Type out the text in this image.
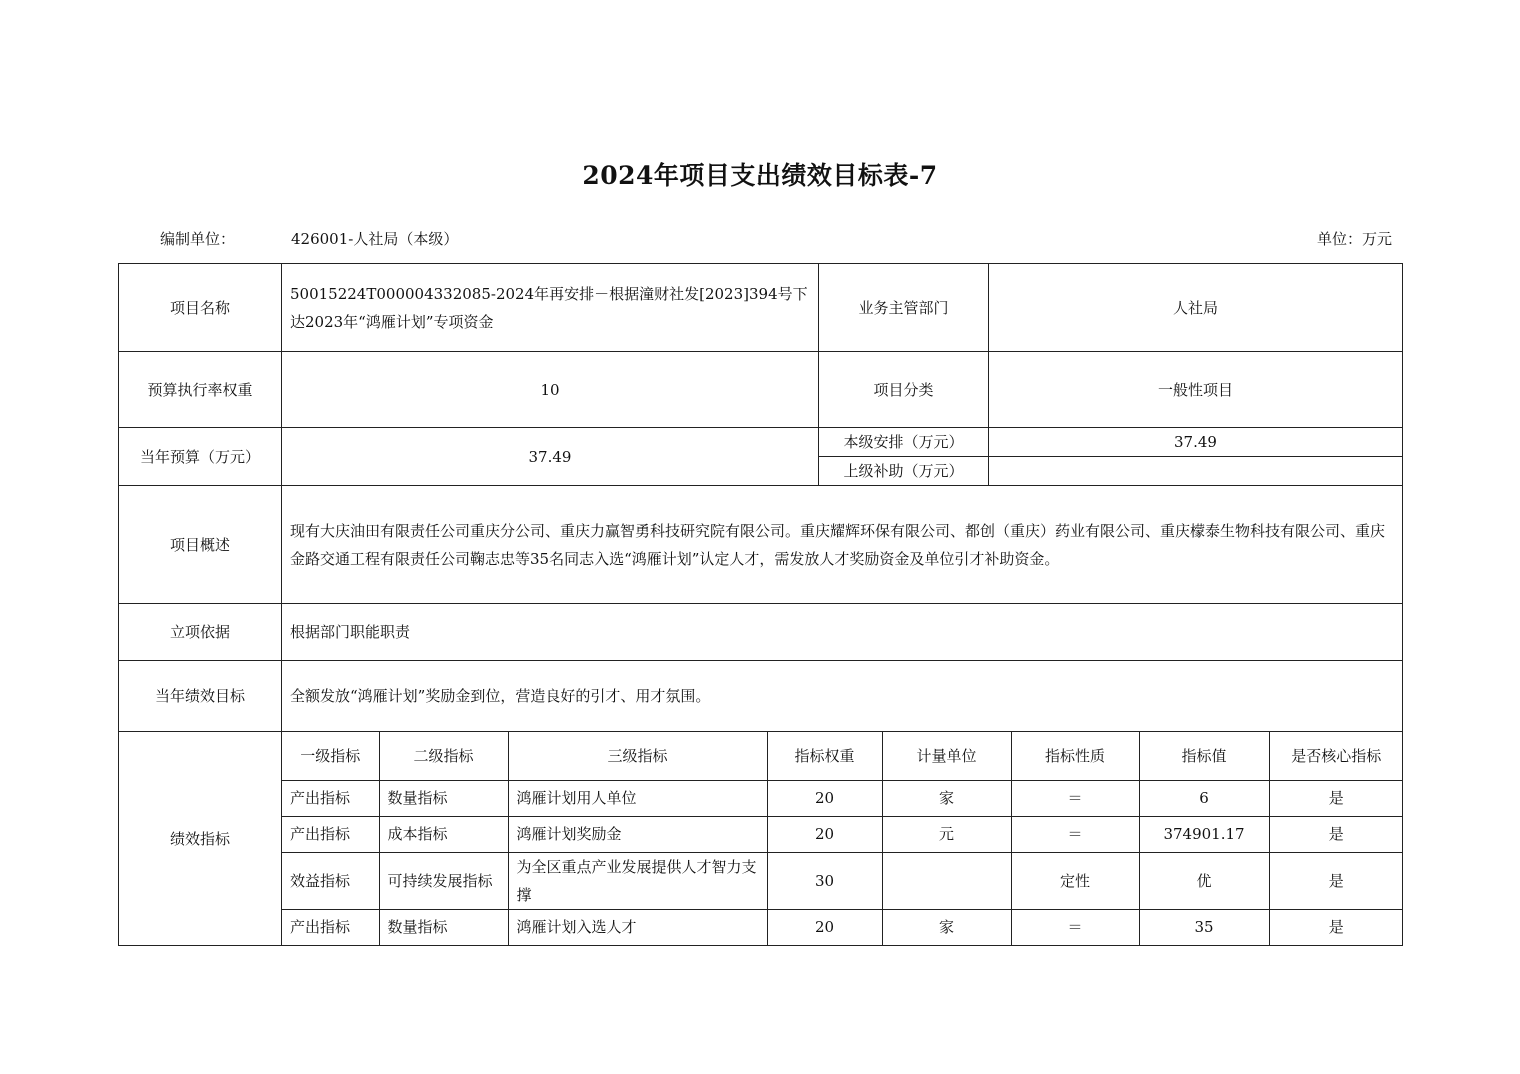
2024年项目支出绩效目标表-7
编制单位：	426001-人社局（本级）	单位：万元
项目名称	50015224T000004332085-2024年再安排－根据潼财社发[2023]394号下达2023年“鸿雁计划”专项资金	业务主管部门	人社局
预算执行率权重	10	项目分类	一般性项目
当年预算（万元）	37.49	本级安排（万元）	37.49
上级补助（万元）	
项目概述	现有大庆油田有限责任公司重庆分公司、重庆力赢智勇科技研究院有限公司。重庆耀辉环保有限公司、都创（重庆）药业有限公司、重庆檬泰生物科技有限公司、重庆金路交通工程有限责任公司鞠志忠等35名同志入选“鸿雁计划”认定人才，需发放人才奖励资金及单位引才补助资金。
立项依据	根据部门职能职责
当年绩效目标	全额发放“鸿雁计划”奖励金到位，营造良好的引才、用才氛围。
绩效指标	
一级指标	二级指标	三级指标	指标权重	计量单位	指标性质	指标值	是否核心指标
产出指标	数量指标	鸿雁计划用人单位	20	家	＝	6	是
产出指标	成本指标	鸿雁计划奖励金	20	元	＝	374901.17	是
效益指标	可持续发展指标	为全区重点产业发展提供人才智力支撑	30		定性	优	是
产出指标	数量指标	鸿雁计划入选人才	20	家	＝	35	是
